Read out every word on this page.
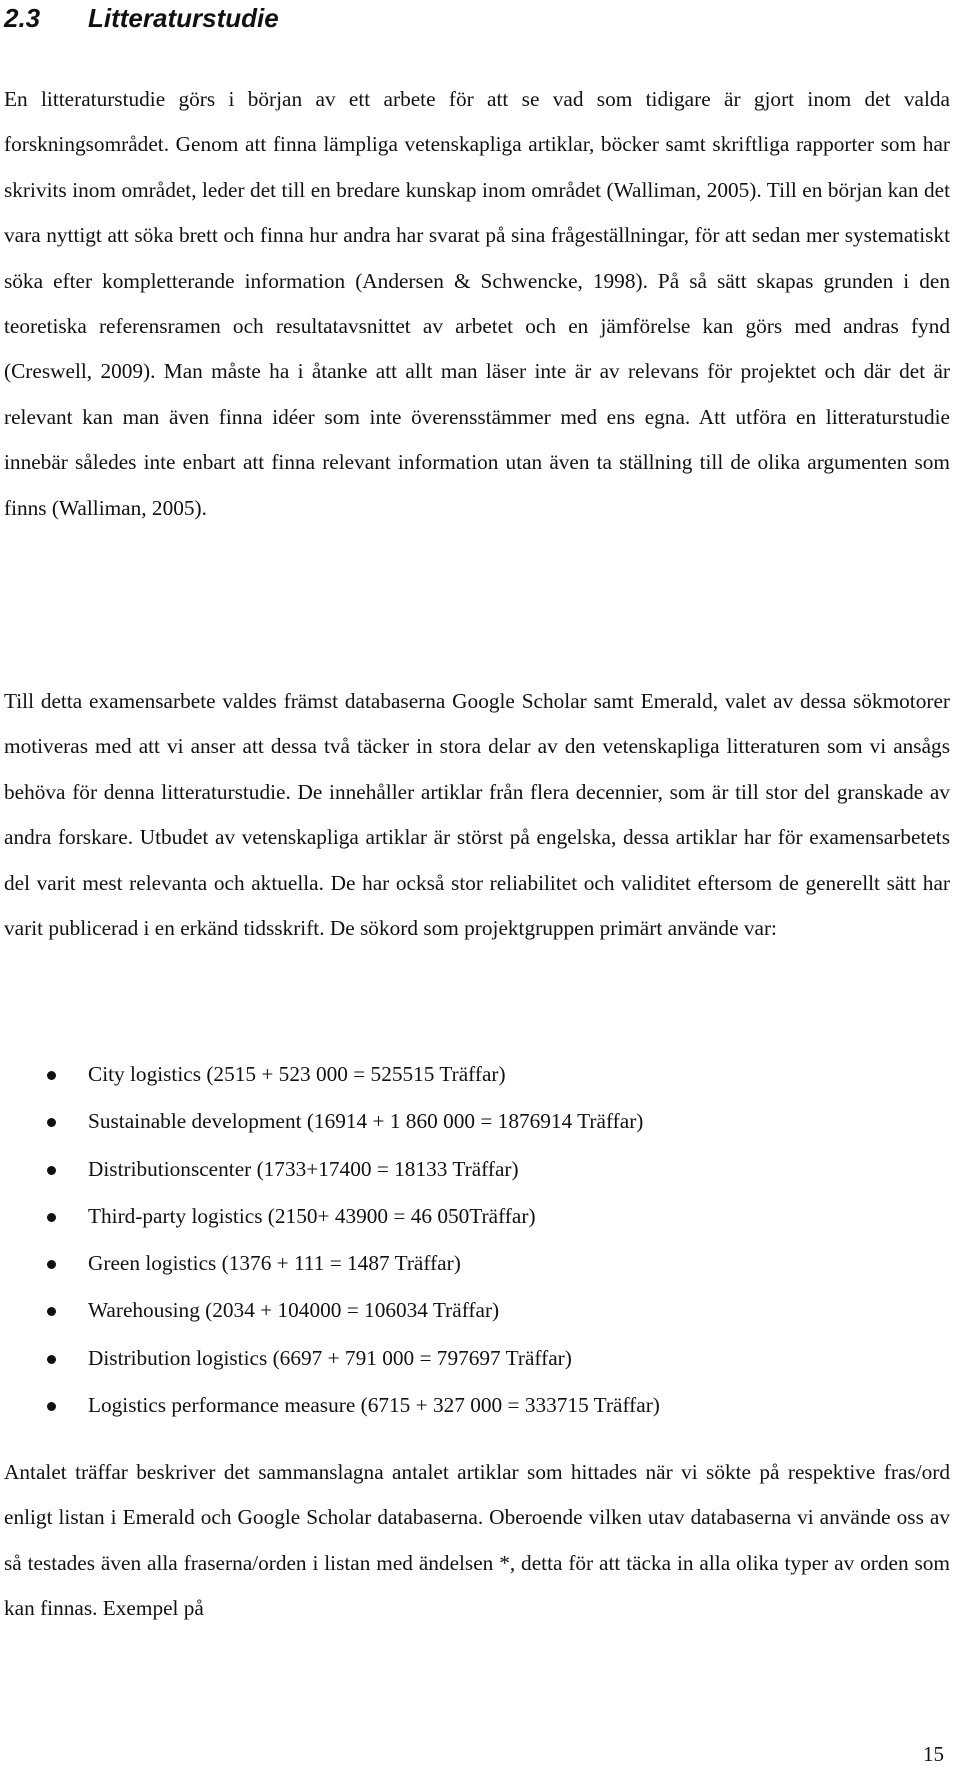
2.3 Litteraturstudie

En litteraturstudie görs i början av ett arbete för att se vad som tidigare är gjort inom det valda forskningsområdet. Genom att finna lämpliga vetenskapliga artiklar, böcker samt skriftliga rapporter som har skrivits inom området, leder det till en bredare kunskap inom området (Walliman, 2005). Till en början kan det vara nyttigt att söka brett och finna hur andra har svarat på sina frågeställningar, för att sedan mer systematiskt söka efter kompletterande information (Andersen & Schwencke, 1998). På så sätt skapas grunden i den teoretiska referensramen och resultatavsnittet av arbetet och en jämförelse kan görs med andras fynd (Creswell, 2009). Man måste ha i åtanke att allt man läser inte är av relevans för projektet och där det är relevant kan man även finna idéer som inte överensstämmer med ens egna. Att utföra en litteraturstudie innebär således inte enbart att finna relevant information utan även ta ställning till de olika argumenten som finns (Walliman, 2005).

Till detta examensarbete valdes främst databaserna Google Scholar samt Emerald, valet av dessa sökmotorer motiveras med att vi anser att dessa två täcker in stora delar av den vetenskapliga litteraturen som vi ansågs behöva för denna litteraturstudie. De innehåller artiklar från flera decennier, som är till stor del granskade av andra forskare. Utbudet av vetenskapliga artiklar är störst på engelska, dessa artiklar har för examensarbetets del varit mest relevanta och aktuella. De har också stor reliabilitet och validitet eftersom de generellt sätt har varit publicerad i en erkänd tidsskrift. De sökord som projektgruppen primärt använde var:

City logistics (2515 + 523 000 = 525515 Träffar)
Sustainable development (16914 + 1 860 000 = 1876914 Träffar)
Distributionscenter (1733+17400 = 18133 Träffar)
Third-party logistics (2150+ 43900 = 46 050Träffar)
Green logistics (1376 + 111 = 1487 Träffar)
Warehousing (2034 + 104000 = 106034 Träffar)
Distribution logistics (6697 + 791 000 = 797697 Träffar)
Logistics performance measure (6715 + 327 000 = 333715 Träffar)

Antalet träffar beskriver det sammanslagna antalet artiklar som hittades när vi sökte på respektive fras/ord enligt listan i Emerald och Google Scholar databaserna. Oberoende vilken utav databaserna vi använde oss av så testades även alla fraserna/orden i listan med ändelsen *, detta för att täcka in alla olika typer av orden som kan finnas. Exempel på

15
